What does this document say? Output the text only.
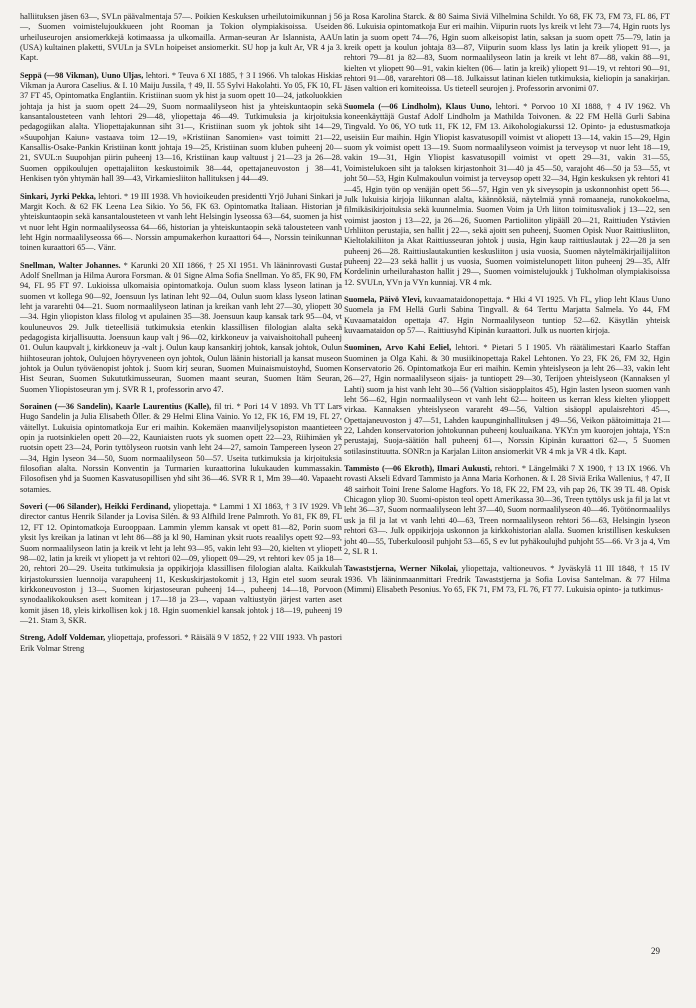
halliituksen jäsen 63—, SVLn päävalmentaja 57—. Poikien Keskuksen urheilutoimikunnan j 56—, Suomen voimistelujoukkueen joht Rooman ja Tokion olympiakisoissa. Useiden urheiluseurojen ansiomerkkejä kotimaassa ja ulkomailla. Arman-seuran Ar Islannista, AAUn (USA) kultainen plaketti, SVULn ja SVLn hoipeiset ansiomerkit. SU hop ja kult Ar, VR 4 ja 3. Kapt.

Seppä (—98 Vikman), Uuno Uljas, lehtori. * Teuva 6 XI 1885, † 3 I 1966. Vh talokas Hiskias Vikman ja Aurora Caselius. & I. 10 Maiju Jussila, † 49, II. 55 Sylvi Hakolahti. Yo 05, FK 10, FL 37 FT 45, Opintomatka Englantiin. Kristiinan suom yk hist ja suom opett 10—24, jatkoluokkien johtaja ja hist ja suom opett 24—29, Suom normaalilyseon hist ja yhteiskuntaopin sekä kansantalousteteen vanh lehtori 29—48, yliopettaja 46—49. Tutkimuksia ja kirjoituksia pedagogiikan alalta. Yliopettajakunnan siht 31—, Kristiinan suom yk johtok siht 14—29, »Suupohjan Kaiun» vastaava toim 12—19, »Kristiinan Sanomien» vast toimitt 21—22, Kansallis-Osake-Pankin Kristiinan kontt johtaja 19—25, Kristiinan suom kluben puheenj 20—21, SVUL:n Suupohjan piirin puheenj 13—16, Kristiinan kaup valtuust j 21—23 ja 26—28. Suomen oppikoulujen opettajaliiton keskustoimik 38—44, opettajaneuvoston j 38—41, Henkisen työn yhtymän hall 39—43, Virkamiesliiton hallituksen j 44—49.

Sinkari, Jyrki Pekka, lehtori. * 19 III 1938. Vh hovioikeuden presidentti Yrjö Juhani Sinkari ja Margit Koch. & 62 FK Leena Lea Sikio. Yo 56, FK 63. Opintomatka Italiaan. Historian ja yhteiskuntaopin sekä kansantalousteteen vt vanh leht Helsingin lyseossa 63—64, suomen ja hist vt nuor leht Hgin normaalilyseossa 64—66, historian ja yhteiskuntaopin sekä talousteteen vanh leht Hgin normaalilyseossa 66—. Norssin ampumakerhon kuraattori 64—, Norssin teinikunnan toinen kuraattori 65—. Vänr.

Snellman, Walter Johannes. * Karunki 20 XII 1866, † 25 XI 1951. Vh lääninrovasti Gustaf Adolf Snellman ja Hilma Aurora Forsman. & 01 Signe Alma Sofia Snellman. Yo 85, FK 90, FM 94, FL 95 FT 97. Lukioissa ulkomaisia opintomatkoja. Oulun suom klass lyseon latinan ja suomen vt kollega 90—92, Joensuun lys latinan leht 92—04, Oulun suom klass lyseon latinan leht ja vararehti 04—21. Suom normaalilyseon latinan ja kreikan vanh leht 27—30, yliopett 30—34. Hgin yliopiston klass filolog vt apulainen 35—38. Joensuun kaup kansak tark 95—04, vt kouluneuvos 29. Julk tieteellisiä tutkimuksia etenkin klassillisen filologian alalta sekä pedagogista kirjallisuutta. Joensuun kaup valt j 96—02, kirkkoneuv ja vaivaishoitohall puheenj 01. Oulun kaupvalt j, kirkkoneuv ja -valt j. Oulun kaup kansankirj johtok, kansak johtok, Oulun hiihtoseuran johtok, Oulujoen höyryveneen oyn johtok, Oulun läänin historiall ja kansat museon johtok ja Oulun työväenopist johtok j. Suom kirj seuran, Suomen Muinaismuistoyhd, Suomen Hist Seuran, Suomen Sukututkimusseuran, Suomen maant seuran, Suomen Itäm Seuran, Suomen Yliopistoseuran ym j. SVR R 1, professorin arvo 47.

Sorainen (—36 Sandelin), Kaarle Laurentius (Kalle), fil tri. * Pori 14 V 1893. Vh TT Lars Hugo Sandelin ja Julia Elisabeth Öller. & 29 Helmi Elina Vainio. Yo 12, FK 16, FM 19, FL 27, väitellyt. Lukuisia opintomatkoja Eur eri maihin. Kokemäen maanviljelysopiston maantieteen opin ja ruotsinkielen opett 20—22, Kauniaisten ruots yk suomen opett 22—23, Riihimäen yk ruotsin opett 23—24, Porin tyttölyseon ruotsin vanh leht 24—27, samoin Tampereen lyseon 27—34, Hgin lyseon 34—50, Suom normaalilyseon 50—57. Useita tutkimuksia ja kirjoituksia filosofian alalta. Norssin Konventin ja Turmarien kuraattorina lukukauden kummassakin. Filosofisen yhd ja Suomen Kasvatusopillisen yhd siht 36—46. SVR R 1, Mm 39—40. Vapaaeht sotamies.

Soveri (—06 Silander), Heikki Ferdinand, yliopettaja. * Lammi 1 XI 1863, † 3 IV 1929. Vh director cantus Henrik Silander ja Lovisa Silén. & 93 Alfhild Irene Palmroth. Yo 81, FK 89, FL 12, FT 12. Opintomatkoja Eurooppaan. Lammin ylemm kansak vt opett 81—82, Porin suom yksit lys kreikan ja latinan vt leht 86—88 ja kl 90, Haminan yksit ruots reaalilys opett 92—93, Suom normaalilyseon latin ja kreik vt leht ja leht 93—95, vakin leht 93—20, kielten vt yliopett 98—02, latin ja kreik vt yliopett ja vt rehtori 02—09, yliopett 09—29, vt rehtori kev 05 ja 18—20, rehtori 20—29. Useita tutkimuksia ja oppikirjoja klassillisen filologian alalta. Kaikkulah kirjastokurssien luennoija varapuheenj 11, Keskuskirjastokomit j 13, Hgin etel suom seurak kirkkoneuvoston j 13—, Suomen kirjastoseuran puheenj 14—, puheenj 14—18, Porvoon synodaalikokouksen asett komitean j 17—18 ja 23—, vapaan valtiustyön järjest varten aset komit jäsen 18, yleis kirkollisen kok j 18. Hgin suomenkiel kansak johtok j 18—19, puheenj 19—21. Stam 3, SKR.

Streng, Adolf Voldemar, yliopettaja, professori. * Räisälä 9 V 1852, † 22 VIII 1933. Vh pastori Erik Volmar Streng

ja Rosa Karolina Starck. & 80 Saima Siviä Vilhelmina Schildt. Yo 68, FK 73, FM 73, FL 86, FT 86. Lukuisia opintomatkoja Eur eri maihin. Viipurin ruots lys kreik vt leht 73—74, Hgin ruots lys latin ja suom opett 74—76, Hgin suom alkeisopist latin, saksan ja suom opett 75—79, latin ja kreik opett ja koulun johtaja 83—87, Viipurin suom klass lys latin ja kreik yliopett 91—, ja rehtori 79—81 ja 82—83, Suom normaalilyseon latin ja kreik vt leht 87—88, vakin 88—91, kielten vt yliopett 90—91, vakin kielten (06— latin ja kreik) yliopett 91—19, vt rehtori 90—91, rehtori 91—08, vararehtori 08—18. Julkaissut latinan kielen tutkimuksia, kieliopin ja sanakirjan. Jäsen valtion eri komiteoissa. Us tieteell seurojen j. Professorin arvonimi 07.

Suomela (—06 Lindholm), Klaus Uuno, lehtori. * Porvoo 10 XI 1888, † 4 IV 1962. Vh koneenkäyttäjä Gustaf Adolf Lindholm ja Mathilda Toivonen. & 22 FM Hellä Gurli Sabina Tingvald. Yo 06, YO tutk 11, FK 12, FM 13. Aikohologiakurssi 12. Opinto- ja edustusmatkoja useisiin Eur maihin. Hgin Yliopist kasvatusopill voimist vt aliopett 13—14, vakin 15—29, Hgin suom yk voimist opett 13—19. Suom normaalilyseon voimist ja terveysop vt nuor leht 18—19, vakin 19—31, Hgin Yliopist kasvatusopill voimist vt opett 29—31, vakin 31—55, Voimistelukoen siht ja taloksen kirjastonhoit 31—40 ja 45—50, varajoht 46—50 ja 53—55, vt joht 50—53, Hgin Kulmakoulun voimist ja terveysop opett 32—34, Hgin keskuksen yk rehtori 41—45, Hgin työn op venäjän opett 56—57, Hgin ven yk siveysopin ja uskonnonhist opett 56—. Julk lukuisia kirjoja liikunnan alalta, käännöksiä, näytelmiä ynnä romaaneja, runokokoelma, filmikäsikirjoituksia sekä kuunnelmia. Suomen Voim ja Urh liiton toimitusvaliok j 13—22, sen voimist jaoston j 13—22, ja 26—26, Suomen Partioliiton ylipääll 20—21, Raittiuden Ystävien Urhliiton perustajia, sen hallit j 22—, sekä ajoitt sen puheenj, Suomen Opisk Nuor Raittiusliiton, Kieltolakiliiton ja Akat Raittiusseuran johtok j uusia, Hgin kaup raittiuslautak j 22—28 ja sen puheenj 26—28. Raittiuslautakuntien keskusliiton j usia vuosia, Suomen näytelmäkirjailijaliiton puheenj 22—23 sekä hallit j us vuosia, Suomen voimistelunopett liiton puheenj 29—35, Alfr Kordelinin urheilurahaston hallit j 29—, Suomen voimistelujoukk j Tukholman olympiakisoissa 12. SVULn, YVn ja VYn kunniaj. VR 4 mk.

Suomela, Päivö Ylevi, kuvaamataidonopettaja. * Hki 4 VI 1925. Vh FL, yliop leht Klaus Uuno Suomela ja FM Hellä Gurli Sabina Tingvall. & 64 Terttu Marjatta Salmela. Yo 44, FM Kuvaamataidon opettaja 47. Hgin Normaalilyseon tuntiop 52—62. Käsytlän yhteisk kuvaamataidon op 57—. Raittiusyhd Kipinän kuraattori. Julk us nuorten kirjoja.

Suominen, Arvo Kahi Eeliel, lehtori. * Pietari 5 I 1905. Vh räätälimestari Kaarlo Staffan Suominen ja Olga Kahi. & 30 musiikinopettaja Rakel Lehtonen. Yo 23, FK 26, FM 32, Hgin Konservatorio 26. Opintomatkoja Eur eri maihin. Kemin yhteislyseon ja leht 26—33, vakin leht 26—27, Hgin normaalilyseon sijais- ja tuntiopett 29—30, Terijoen yhteislyseon (Kannaksen yl Lahti) suom ja hist vanh leht 30—56 (Valtion sisäopplaitos 45), Hgin lasten lyseon suomen vanh leht 56—62, Hgin normaalilyseon vt vanh leht 62— hoiteen us kerran kless kielten ylioppett virkaa. Kannaksen yhteislyseon varareht 49—56, Valtion sisäoppl apulaisrehtori 45—, Opettajaneuvoston j 47—51, Lahden kaupunginhallituksen j 49—56, Veikon päätoimittaja 21—22, Lahden konservatorion johtokunnan puheenj kouluaikana. YKY:n ym kuorojen johtaja, YS:n perustajaj, Suoja-säätiön hall puheenj 61—, Norssin Kipinän kuraattori 62—, 5 Suomen sotilasinstituutta. SONR:n ja Karjalan Liiton ansiomerkit VR 4 mk ja VR 4 tlk. Kapt.

Tammisto (—06 Ekroth), Ilmari Aukusti, rehtori. * Längelmäki 7 X 1900, † 13 IX 1966. Vh rovasti Akseli Edvard Tammisto ja Anna Maria Korhonen. & I. 28 Siviä Erika Wallenius, † 47, II 48 sairhoit Toini Irene Salome Hagfors. Yo 18, FK 22, FM 23, vih pap 26, TK 39 TL 48. Opisk Chicagon yliop 30. Suomi-opiston teol opett Amerikassa 30—36, Treen tyttölys usk ja fil ja lat vt leht 36—37, Suom normaalilyseon leht 37—40, Suom normaalilyseon 40—46. Työtönormaalilys usk ja fil ja lat vt vanh lehti 40—63, Treen normaalilyseon rehtori 56—63, Helsingin lyseon rehtori 63—. Julk oppikirjoja uskonnon ja kirkkohistorian alalla. Suomen kristillisen keskuksen joht 40—55, Tuberkuloosil puhjoht 53—65, S ev lut pyhäkoulujhd puhjoht 55—66. Vr 3 ja 4, Vm 2, SL R 1.

Tawaststjerna, Werner Nikolai, yliopettaja, valtioneuvos. * Jyväskylä 11 III 1848, † 15 IV 1936. Vh lääninmaanmittari Fredrik Tawaststjerna ja Sofia Lovisa Santelman. & 77 Hilma (Mimmi) Elisabeth Pesonius. Yo 65, FK 71, FM 73, FL 76, FT 77. Lukuisia opinto- ja tutkimus-

29
